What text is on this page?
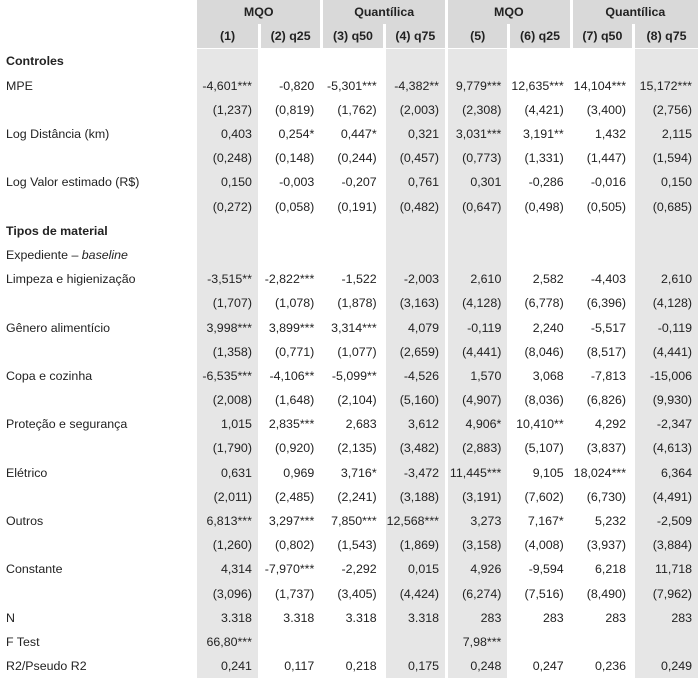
	MQO		Quantílica		MQO		Quantílica	
	(1)	(2) q25	(3) q50	(4) q75	(5)	(6) q25	(7) q50	(8) q75
Controles								
MPE	-4,601***	-0,820	-5,301***	-4,382**	9,779***	12,635***	14,104***	15,172***
	(1,237)	(0,819)	(1,762)	(2,003)	(2,308)	(4,421)	(3,400)	(2,756)
Log Distância (km)	0,403	0,254*	0,447*	0,321	3,031***	3,191**	1,432	2,115
	(0,248)	(0,148)	(0,244)	(0,457)	(0,773)	(1,331)	(1,447)	(1,594)
Log Valor estimado (R$)	0,150	-0,003	-0,207	0,761	0,301	-0,286	-0,016	0,150
	(0,272)	(0,058)	(0,191)	(0,482)	(0,647)	(0,498)	(0,505)	(0,685)
Tipos de material								
Expediente – baseline								
Limpeza e higienização	-3,515**	-2,822***	-1,522	-2,003	2,610	2,582	-4,403	2,610
	(1,707)	(1,078)	(1,878)	(3,163)	(4,128)	(6,778)	(6,396)	(4,128)
Gênero alimentício	3,998***	3,899***	3,314***	4,079	-0,119	2,240	-5,517	-0,119
	(1,358)	(0,771)	(1,077)	(2,659)	(4,441)	(8,046)	(8,517)	(4,441)
Copa e cozinha	-6,535***	-4,106**	-5,099**	-4,526	1,570	3,068	-7,813	-15,006
	(2,008)	(1,648)	(2,104)	(5,160)	(4,907)	(8,036)	(6,826)	(9,930)
Proteção e segurança	1,015	2,835***	2,683	3,612	4,906*	10,410**	4,292	-2,347
	(1,790)	(0,920)	(2,135)	(3,482)	(2,883)	(5,107)	(3,837)	(4,613)
Elétrico	0,631	0,969	3,716*	-3,472	11,445***	9,105	18,024***	6,364
	(2,011)	(2,485)	(2,241)	(3,188)	(3,191)	(7,602)	(6,730)	(4,491)
Outros	6,813***	3,297***	7,850***	12,568***	3,273	7,167*	5,232	-2,509
	(1,260)	(0,802)	(1,543)	(1,869)	(3,158)	(4,008)	(3,937)	(3,884)
Constante	4,314	-7,970***	-2,292	0,015	4,926	-9,594	6,218	11,718
	(3,096)	(1,737)	(3,405)	(4,424)	(6,274)	(7,516)	(8,490)	(7,962)
N	3.318	3.318	3.318	3.318	283	283	283	283
F Test	66,80***				7,98***			
R2/Pseudo R2	0,241	0,117	0,218	0,175	0,248	0,247	0,236	0,249
